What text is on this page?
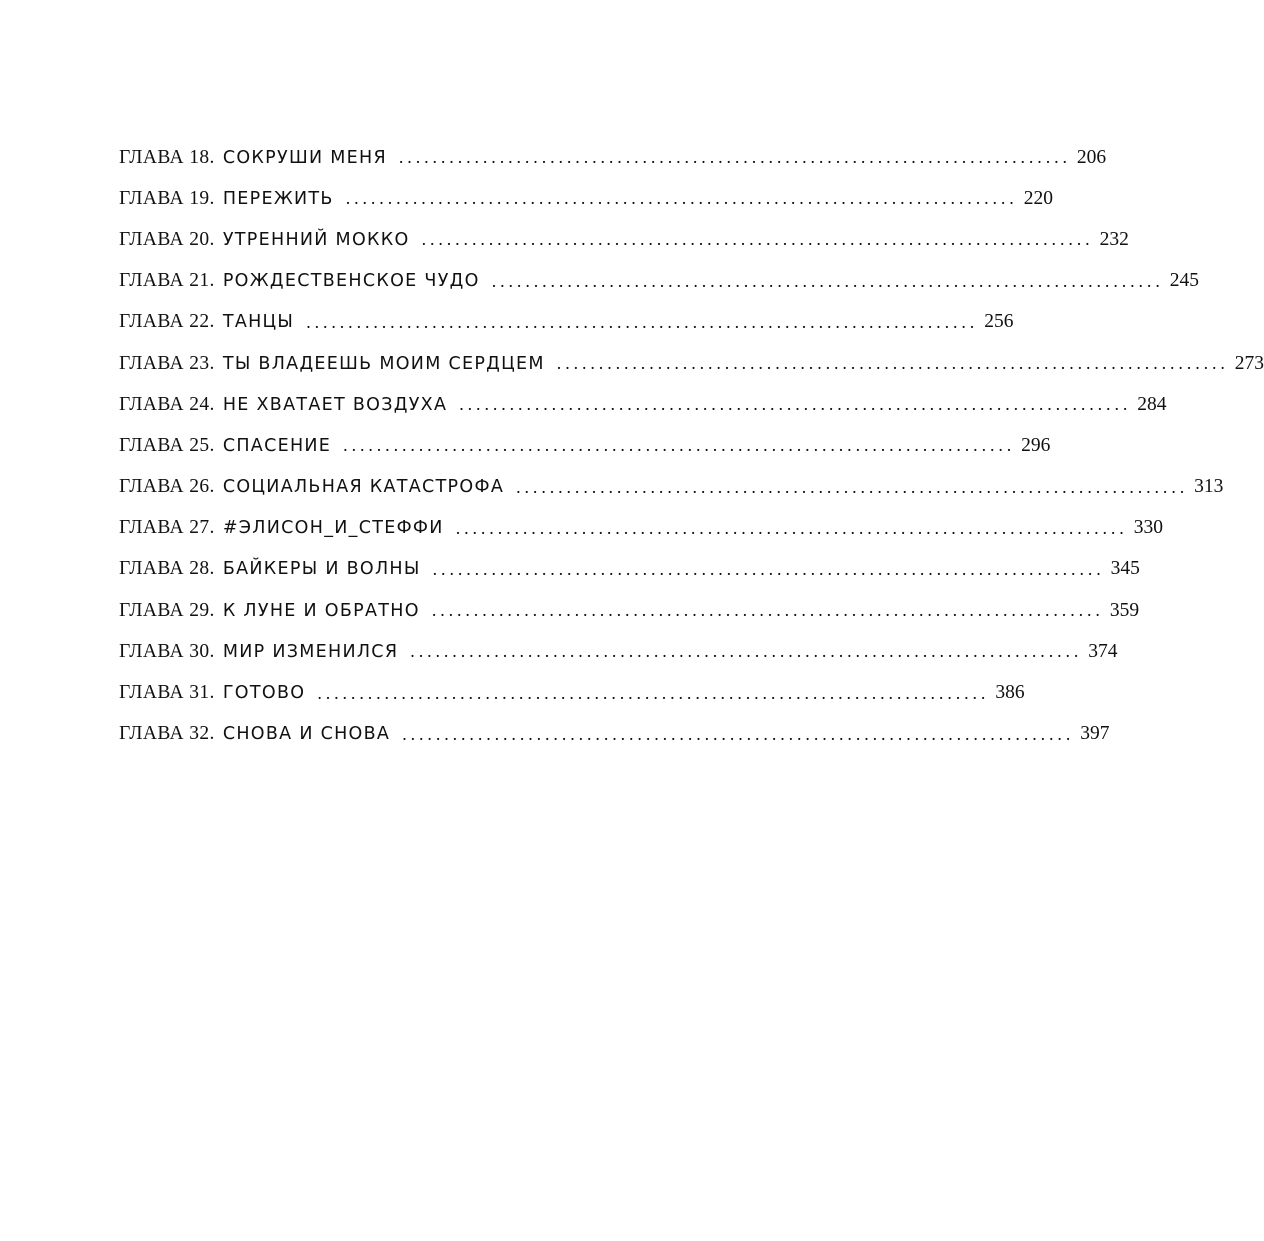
ГЛАВА 18. СОКРУШИ МЕНЯ ................................................................................ 206
ГЛАВА 19. ПЕРЕЖИТЬ ................................................................................ 220
ГЛАВА 20. УТРЕННИЙ МОККО ................................................................................ 232
ГЛАВА 21. РОЖДЕСТВЕНСКОЕ ЧУДО ................................................................................ 245
ГЛАВА 22. ТАНЦЫ ................................................................................ 256
ГЛАВА 23. ТЫ ВЛАДЕЕШЬ МОИМ СЕРДЦЕМ ................................................................................ 273
ГЛАВА 24. НЕ ХВАТАЕТ ВОЗДУХА ................................................................................ 284
ГЛАВА 25. СПАСЕНИЕ ................................................................................ 296
ГЛАВА 26. СОЦИАЛЬНАЯ КАТАСТРОФА ................................................................................ 313
ГЛАВА 27. #ЭЛИСОН_И_СТЕФФИ ................................................................................ 330
ГЛАВА 28. БАЙКЕРЫ И ВОЛНЫ ................................................................................ 345
ГЛАВА 29. К ЛУНЕ И ОБРАТНО ................................................................................ 359
ГЛАВА 30. МИР ИЗМЕНИЛСЯ ................................................................................ 374
ГЛАВА 31. ГОТОВО ................................................................................ 386
ГЛАВА 32. СНОВА И СНОВА ................................................................................ 397
